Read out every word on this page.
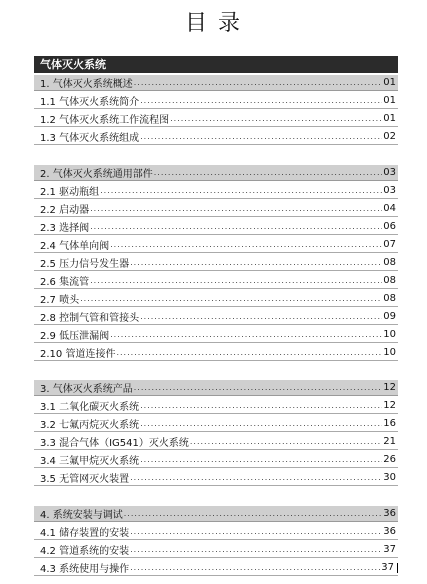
目 录
气体灭火系统
1. 气体灭火系统概述 .....	01
1.1 气体灭火系统简介 .....	01
1.2 气体灭火系统工作流程图 .....	01
1.3 气体灭火系统组成 .....	02
2. 气体灭火系统通用部件 .....	03
2.1 驱动瓶组 .....	03
2.2 启动器 .....	04
2.3 选择阀 .....	06
2.4 气体单向阀 .....	07
2.5 压力信号发生器 .....	08
2.6 集流管 .....	08
2.7 喷头 .....	08
2.8 控制气管和管接头 .....	09
2.9 低压泄漏阀 .....	10
2.10 管道连接件 .....	10
3. 气体灭火系统产品 .....	12
3.1 二氧化碳灭火系统 .....	12
3.2 七氟丙烷灭火系统 .....	16
3.3 混合气体（IG541）灭火系统 .....	21
3.4 三氟甲烷灭火系统 .....	26
3.5 无管网灭火装置 .....	30
4. 系统安装与调试 .....	36
4.1 储存装置的安装 .....	36
4.2 管道系统的安装 .....	37
4.3 系统使用与操作 .....	37
